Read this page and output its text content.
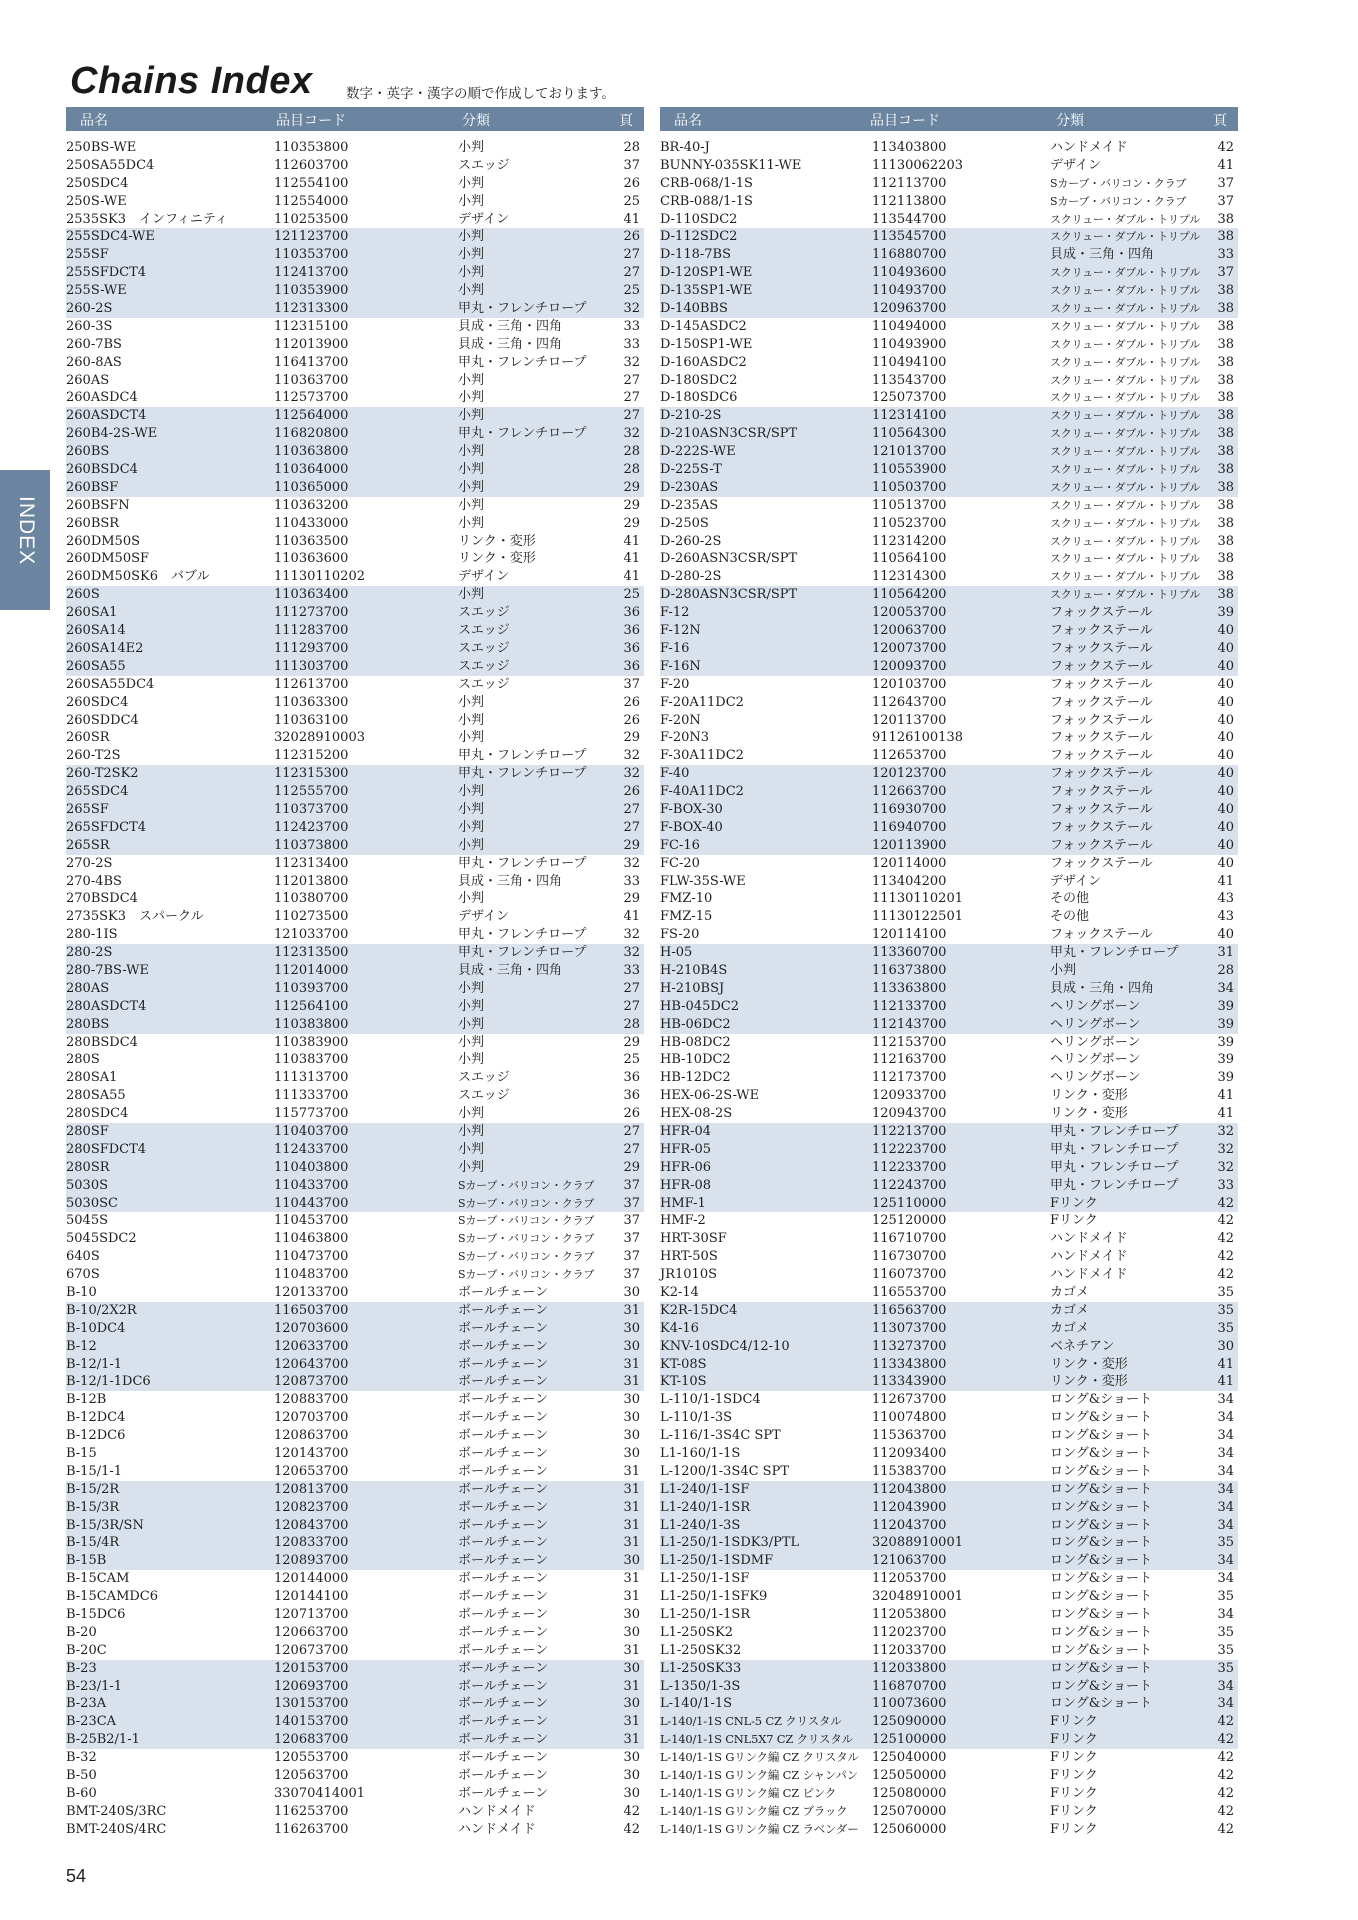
Chains Index 数字・英字・漢字の順で作成しております。
INDEX
品名	品目コード	分類	頁
250BS-WE	110353800	小判	28
250SA55DC4	112603700	スエッジ	37
250SDC4	112554100	小判	26
250S-WE	112554000	小判	25
2535SK3　インフィニティ	110253500	デザイン	41
255SDC4-WE	121123700	小判	26
255SF	110353700	小判	27
255SFDCT4	112413700	小判	27
255S-WE	110353900	小判	25
260-2S	112313300	甲丸・フレンチロープ	32
260-3S	112315100	貝成・三角・四角	33
260-7BS	112013900	貝成・三角・四角	33
260-8AS	116413700	甲丸・フレンチロープ	32
260AS	110363700	小判	27
260ASDC4	112573700	小判	27
260ASDCT4	112564000	小判	27
260B4-2S-WE	116820800	甲丸・フレンチロープ	32
260BS	110363800	小判	28
260BSDC4	110364000	小判	28
260BSF	110365000	小判	29
260BSFN	110363200	小判	29
260BSR	110433000	小判	29
260DM50S	110363500	リンク・変形	41
260DM50SF	110363600	リンク・変形	41
260DM50SK6　バブル	11130110202	デザイン	41
260S	110363400	小判	25
260SA1	111273700	スエッジ	36
260SA14	111283700	スエッジ	36
260SA14E2	111293700	スエッジ	36
260SA55	111303700	スエッジ	36
260SA55DC4	112613700	スエッジ	37
260SDC4	110363300	小判	26
260SDDC4	110363100	小判	26
260SR	32028910003	小判	29
260-T2S	112315200	甲丸・フレンチロープ	32
260-T2SK2	112315300	甲丸・フレンチロープ	32
265SDC4	112555700	小判	26
265SF	110373700	小判	27
265SFDCT4	112423700	小判	27
265SR	110373800	小判	29
270-2S	112313400	甲丸・フレンチロープ	32
270-4BS	112013800	貝成・三角・四角	33
270BSDC4	110380700	小判	29
2735SK3　スパークル	110273500	デザイン	41
280-1IS	121033700	甲丸・フレンチロープ	32
280-2S	112313500	甲丸・フレンチロープ	32
280-7BS-WE	112014000	貝成・三角・四角	33
280AS	110393700	小判	27
280ASDCT4	112564100	小判	27
280BS	110383800	小判	28
280BSDC4	110383900	小判	29
280S	110383700	小判	25
280SA1	111313700	スエッジ	36
280SA55	111333700	スエッジ	36
280SDC4	115773700	小判	26
280SF	110403700	小判	27
280SFDCT4	112433700	小判	27
280SR	110403800	小判	29
5030S	110433700	Sカーブ・バリコン・クラブ 37
5030SC	110443700	Sカーブ・バリコン・クラブ 37
5045S	110453700	Sカーブ・バリコン・クラブ 37
5045SDC2	110463800	Sカーブ・バリコン・クラブ 37
640S	110473700	Sカーブ・バリコン・クラブ 37
670S	110483700	Sカーブ・バリコン・クラブ 37
B-10	120133700	ボールチェーン	30
B-10/2X2R	116503700	ボールチェーン	31
B-10DC4	120703600	ボールチェーン	30
B-12	120633700	ボールチェーン	30
B-12/1-1	120643700	ボールチェーン	31
B-12/1-1DC6	120873700	ボールチェーン	31
B-12B	120883700	ボールチェーン	30
B-12DC4	120703700	ボールチェーン	30
B-12DC6	120863700	ボールチェーン	30
B-15	120143700	ボールチェーン	30
B-15/1-1	120653700	ボールチェーン	31
B-15/2R	120813700	ボールチェーン	31
B-15/3R	120823700	ボールチェーン	31
B-15/3R/SN	120843700	ボールチェーン	31
B-15/4R	120833700	ボールチェーン	31
B-15B	120893700	ボールチェーン	30
B-15CAM	120144000	ボールチェーン	31
B-15CAMDC6	120144100	ボールチェーン	31
B-15DC6	120713700	ボールチェーン	30
B-20	120663700	ボールチェーン	30
B-20C	120673700	ボールチェーン	31
B-23	120153700	ボールチェーン	30
B-23/1-1	120693700	ボールチェーン	31
B-23A	130153700	ボールチェーン	30
B-23CA	140153700	ボールチェーン	31
B-25B2/1-1	120683700	ボールチェーン	31
B-32	120553700	ボールチェーン	30
B-50	120563700	ボールチェーン	30
B-60	33070414001	ボールチェーン	30
BMT-240S/3RC	116253700	ハンドメイド	42
BMT-240S/4RC	116263700	ハンドメイド	42
品名	品目コード	分類	頁
BR-40-J	113403800	ハンドメイド	42
BUNNY-035SK11-WE	11130062203	デザイン	41
CRB-068/1-1S	112113700	Sカーブ・バリコン・クラブ 37
CRB-088/1-1S	112113800	Sカーブ・バリコン・クラブ 37
D-110SDC2	113544700	スクリュー・ダブル・トリプル 38
D-112SDC2	113545700	スクリュー・ダブル・トリプル 38
D-118-7BS	116880700	貝成・三角・四角	33
D-120SP1-WE	110493600	スクリュー・ダブル・トリプル 37
D-135SP1-WE	110493700	スクリュー・ダブル・トリプル 38
D-140BBS	120963700	スクリュー・ダブル・トリプル 38
D-145ASDC2	110494000	スクリュー・ダブル・トリプル 38
D-150SP1-WE	110493900	スクリュー・ダブル・トリプル 38
D-160ASDC2	110494100	スクリュー・ダブル・トリプル 38
D-180SDC2	113543700	スクリュー・ダブル・トリプル 38
D-180SDC6	125073700	スクリュー・ダブル・トリプル 38
D-210-2S	112314100	スクリュー・ダブル・トリプル 38
D-210ASN3CSR/SPT	110564300	スクリュー・ダブル・トリプル 38
D-222S-WE	121013700	スクリュー・ダブル・トリプル 38
D-225S-T	110553900	スクリュー・ダブル・トリプル 38
D-230AS	110503700	スクリュー・ダブル・トリプル 38
D-235AS	110513700	スクリュー・ダブル・トリプル 38
D-250S	110523700	スクリュー・ダブル・トリプル 38
D-260-2S	112314200	スクリュー・ダブル・トリプル 38
D-260ASN3CSR/SPT	110564100	スクリュー・ダブル・トリプル 38
D-280-2S	112314300	スクリュー・ダブル・トリプル 38
D-280ASN3CSR/SPT	110564200	スクリュー・ダブル・トリプル 38
F-12	120053700	フォックステール	39
F-12N	120063700	フォックステール	40
F-16	120073700	フォックステール	40
F-16N	120093700	フォックステール	40
F-20	120103700	フォックステール	40
F-20A11DC2	112643700	フォックステール	40
F-20N	120113700	フォックステール	40
F-20N3	91126100138	フォックステール	40
F-30A11DC2	112653700	フォックステール	40
F-40	120123700	フォックステール	40
F-40A11DC2	112663700	フォックステール	40
F-BOX-30	116930700	フォックステール	40
F-BOX-40	116940700	フォックステール	40
FC-16	120113900	フォックステール	40
FC-20	120114000	フォックステール	40
FLW-35S-WE	113404200	デザイン	41
FMZ-10	11130110201	その他	43
FMZ-15	11130122501	その他	43
FS-20	120114100	フォックステール	40
H-05	113360700	甲丸・フレンチロープ	31
H-210B4S	116373800	小判	28
H-210BSJ	113363800	貝成・三角・四角	34
HB-045DC2	112133700	ヘリングボーン	39
HB-06DC2	112143700	ヘリングボーン	39
HB-08DC2	112153700	ヘリングボーン	39
HB-10DC2	112163700	ヘリングボーン	39
HB-12DC2	112173700	ヘリングボーン	39
HEX-06-2S-WE	120933700	リンク・変形	41
HEX-08-2S	120943700	リンク・変形	41
HFR-04	112213700	甲丸・フレンチロープ	32
HFR-05	112223700	甲丸・フレンチロープ	32
HFR-06	112233700	甲丸・フレンチロープ	32
HFR-08	112243700	甲丸・フレンチロープ	33
HMF-1	125110000	Fリンク	42
HMF-2	125120000	Fリンク	42
HRT-30SF	116710700	ハンドメイド	42
HRT-50S	116730700	ハンドメイド	42
JR1010S	116073700	ハンドメイド	42
K2-14	116553700	カゴメ	35
K2R-15DC4	116563700	カゴメ	35
K4-16	113073700	カゴメ	35
KNV-10SDC4/12-10	113273700	ベネチアン	30
KT-08S	113343800	リンク・変形	41
KT-10S	113343900	リンク・変形	41
L-110/1-1SDC4	112673700	ロング&ショート	34
L-110/1-3S	110074800	ロング&ショート	34
L-116/1-3S4C SPT	115363700	ロング&ショート	34
L1-160/1-1S	112093400	ロング&ショート	34
L-1200/1-3S4C SPT	115383700	ロング&ショート	34
L1-240/1-1SF	112043800	ロング&ショート	34
L1-240/1-1SR	112043900	ロング&ショート	34
L1-240/1-3S	112043700	ロング&ショート	34
L1-250/1-1SDK3/PTL	32088910001	ロング&ショート	35
L1-250/1-1SDMF	121063700	ロング&ショート	34
L1-250/1-1SF	112053700	ロング&ショート	34
L1-250/1-1SFK9	32048910001	ロング&ショート	35
L1-250/1-1SR	112053800	ロング&ショート	34
L1-250SK2	112023700	ロング&ショート	35
L1-250SK32	112033700	ロング&ショート	35
L1-250SK33	112033800	ロング&ショート	35
L-1350/1-3S	116870700	ロング&ショート	34
L-140/1-1S	110073600	ロング&ショート	34
L-140/1-1S CNL-5 CZ クリスタル 125090000	Fリンク	42
L-140/1-1S CNL5X7 CZ クリスタル 125100000	Fリンク	42
L-140/1-1S Gリンク編 CZ クリスタル 125040000	Fリンク	42
L-140/1-1S Gリンク編 CZ シャンパン 125050000	Fリンク	42
L-140/1-1S Gリンク編 CZ ピンク	125080000	Fリンク	42
L-140/1-1S Gリンク編 CZ ブラック 125070000	Fリンク	42
L-140/1-1S Gリンク編 CZ ラベンダー 125060000	Fリンク	42
54
